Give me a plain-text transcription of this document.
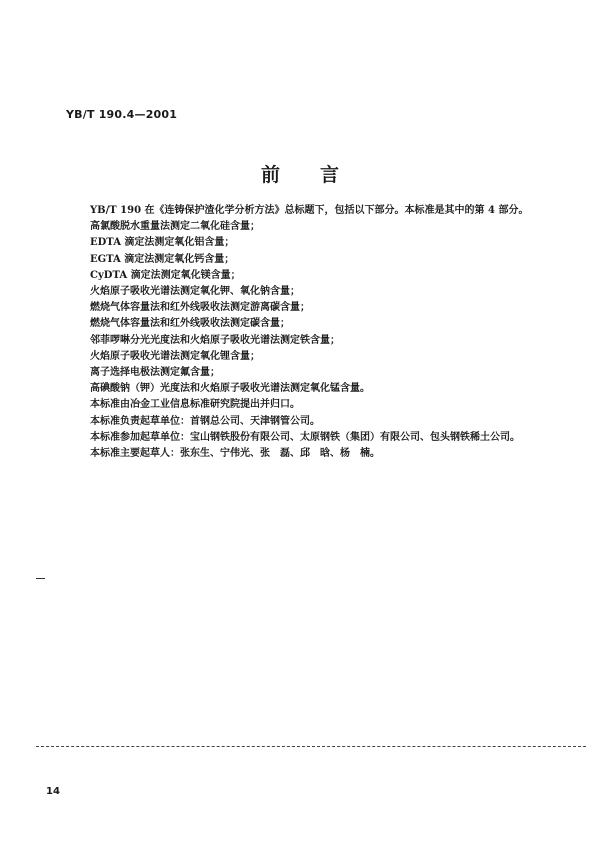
YB/T 190.4—2001
前言
YB/T 190 在《连铸保护渣化学分析方法》总标题下，包括以下部分。本标准是其中的第 4 部分。
高氯酸脱水重量法测定二氧化硅含量；
EDTA 滴定法测定氧化铝含量；
EGTA 滴定法测定氧化钙含量；
CyDTA 滴定法测定氧化镁含量；
火焰原子吸收光谱法测定氧化钾、氧化钠含量；
燃烧气体容量法和红外线吸收法测定游离碳含量；
燃烧气体容量法和红外线吸收法测定碳含量；
邻菲啰啉分光光度法和火焰原子吸收光谱法测定铁含量；
火焰原子吸收光谱法测定氧化锂含量；
离子选择电极法测定氟含量；
高碘酸钠（钾）光度法和火焰原子吸收光谱法测定氧化锰含量。
本标准由冶金工业信息标准研究院提出并归口。
本标准负责起草单位：首钢总公司、天津钢管公司。
本标准参加起草单位：宝山钢铁股份有限公司、太原钢铁（集团）有限公司、包头钢铁稀土公司。
本标准主要起草人：张东生、宁伟光、张　磊、邱　晗、杨　楠。
14
